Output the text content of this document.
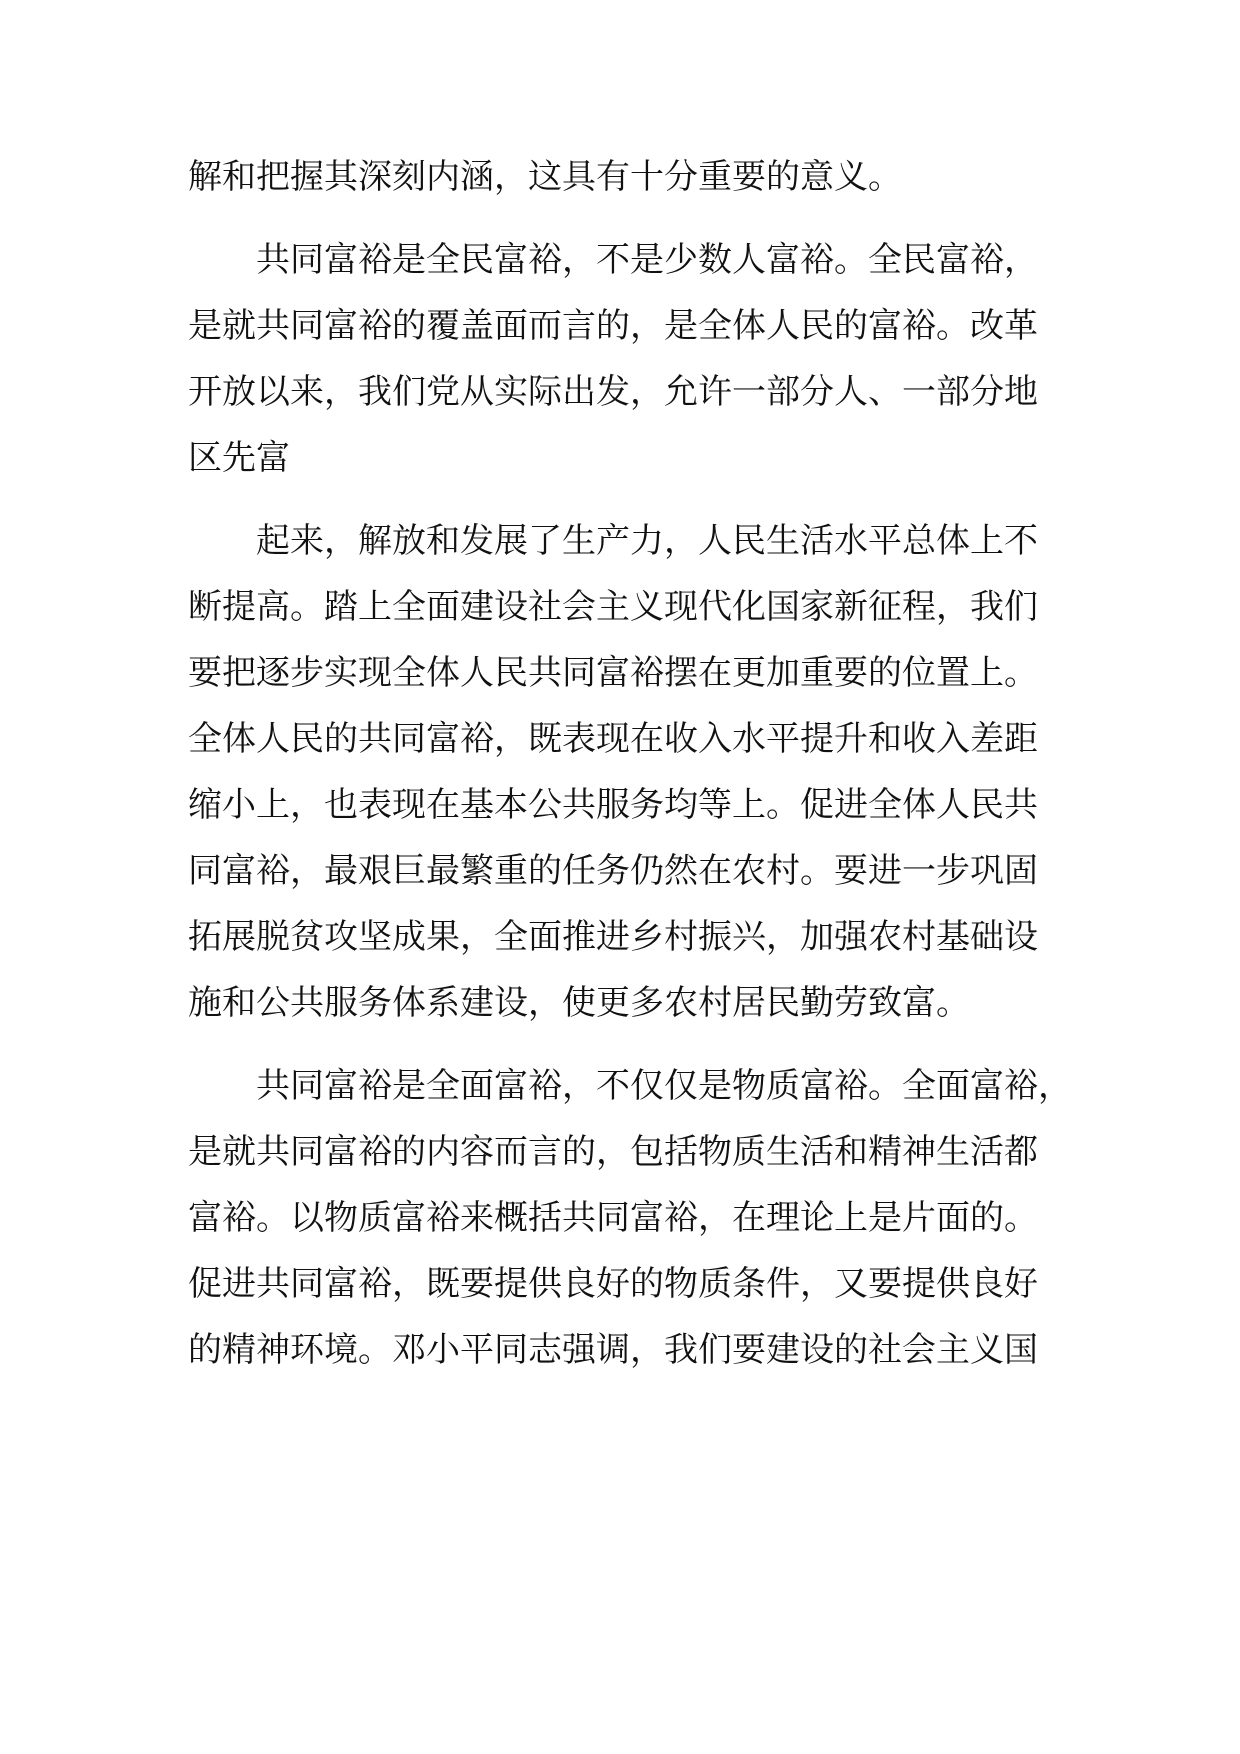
解和把握其深刻内涵，这具有十分重要的意义。
共同富裕是全民富裕，不是少数人富裕。全民富裕，
是就共同富裕的覆盖面而言的，是全体人民的富裕。改革
开放以来，我们党从实际出发，允许一部分人、一部分地
区先富
起来，解放和发展了生产力，人民生活水平总体上不
断提高。踏上全面建设社会主义现代化国家新征程，我们
要把逐步实现全体人民共同富裕摆在更加重要的位置上。
全体人民的共同富裕，既表现在收入水平提升和收入差距
缩小上，也表现在基本公共服务均等上。促进全体人民共
同富裕，最艰巨最繁重的任务仍然在农村。要进一步巩固
拓展脱贫攻坚成果，全面推进乡村振兴，加强农村基础设
施和公共服务体系建设，使更多农村居民勤劳致富。
共同富裕是全面富裕，不仅仅是物质富裕。全面富裕，
是就共同富裕的内容而言的，包括物质生活和精神生活都
富裕。以物质富裕来概括共同富裕，在理论上是片面的。
促进共同富裕，既要提供良好的物质条件，又要提供良好
的精神环境。邓小平同志强调，我们要建设的社会主义国
